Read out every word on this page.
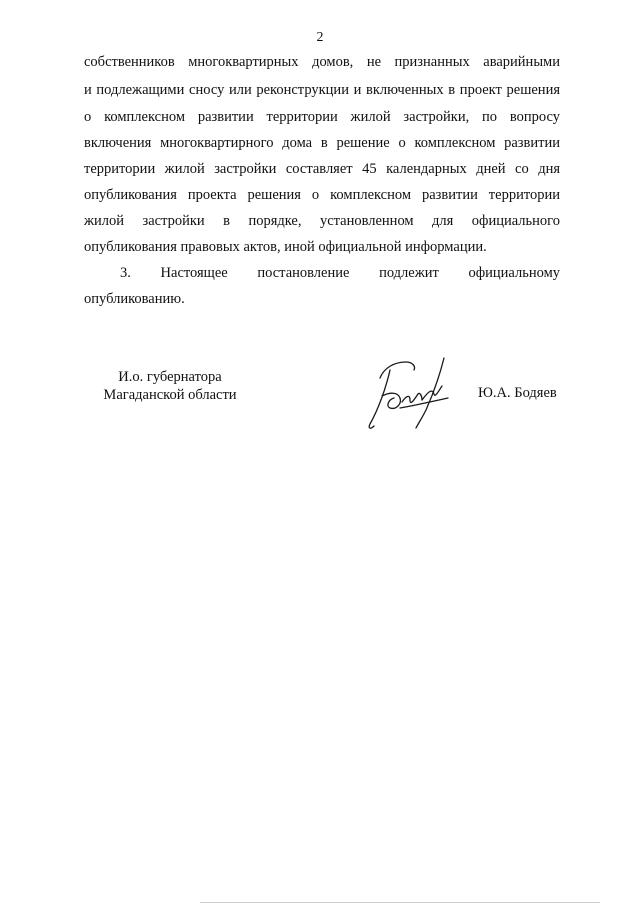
2
собственников многоквартирных домов, не признанных аварийными
и подлежащими сносу или реконструкции и включенных в проект решения
о комплексном развитии территории жилой застройки, по вопросу
включения многоквартирного дома в решение о комплексном развитии
территории жилой застройки составляет 45 календарных дней со дня
опубликования проекта решения о комплексном развитии территории
жилой застройки в порядке, установленном для официального
опубликования правовых актов, иной официальной информации.
3. Настоящее постановление подлежит официальному
опубликованию.
И.о. губернатора
Магаданской области	Ю.А. Бодяев
